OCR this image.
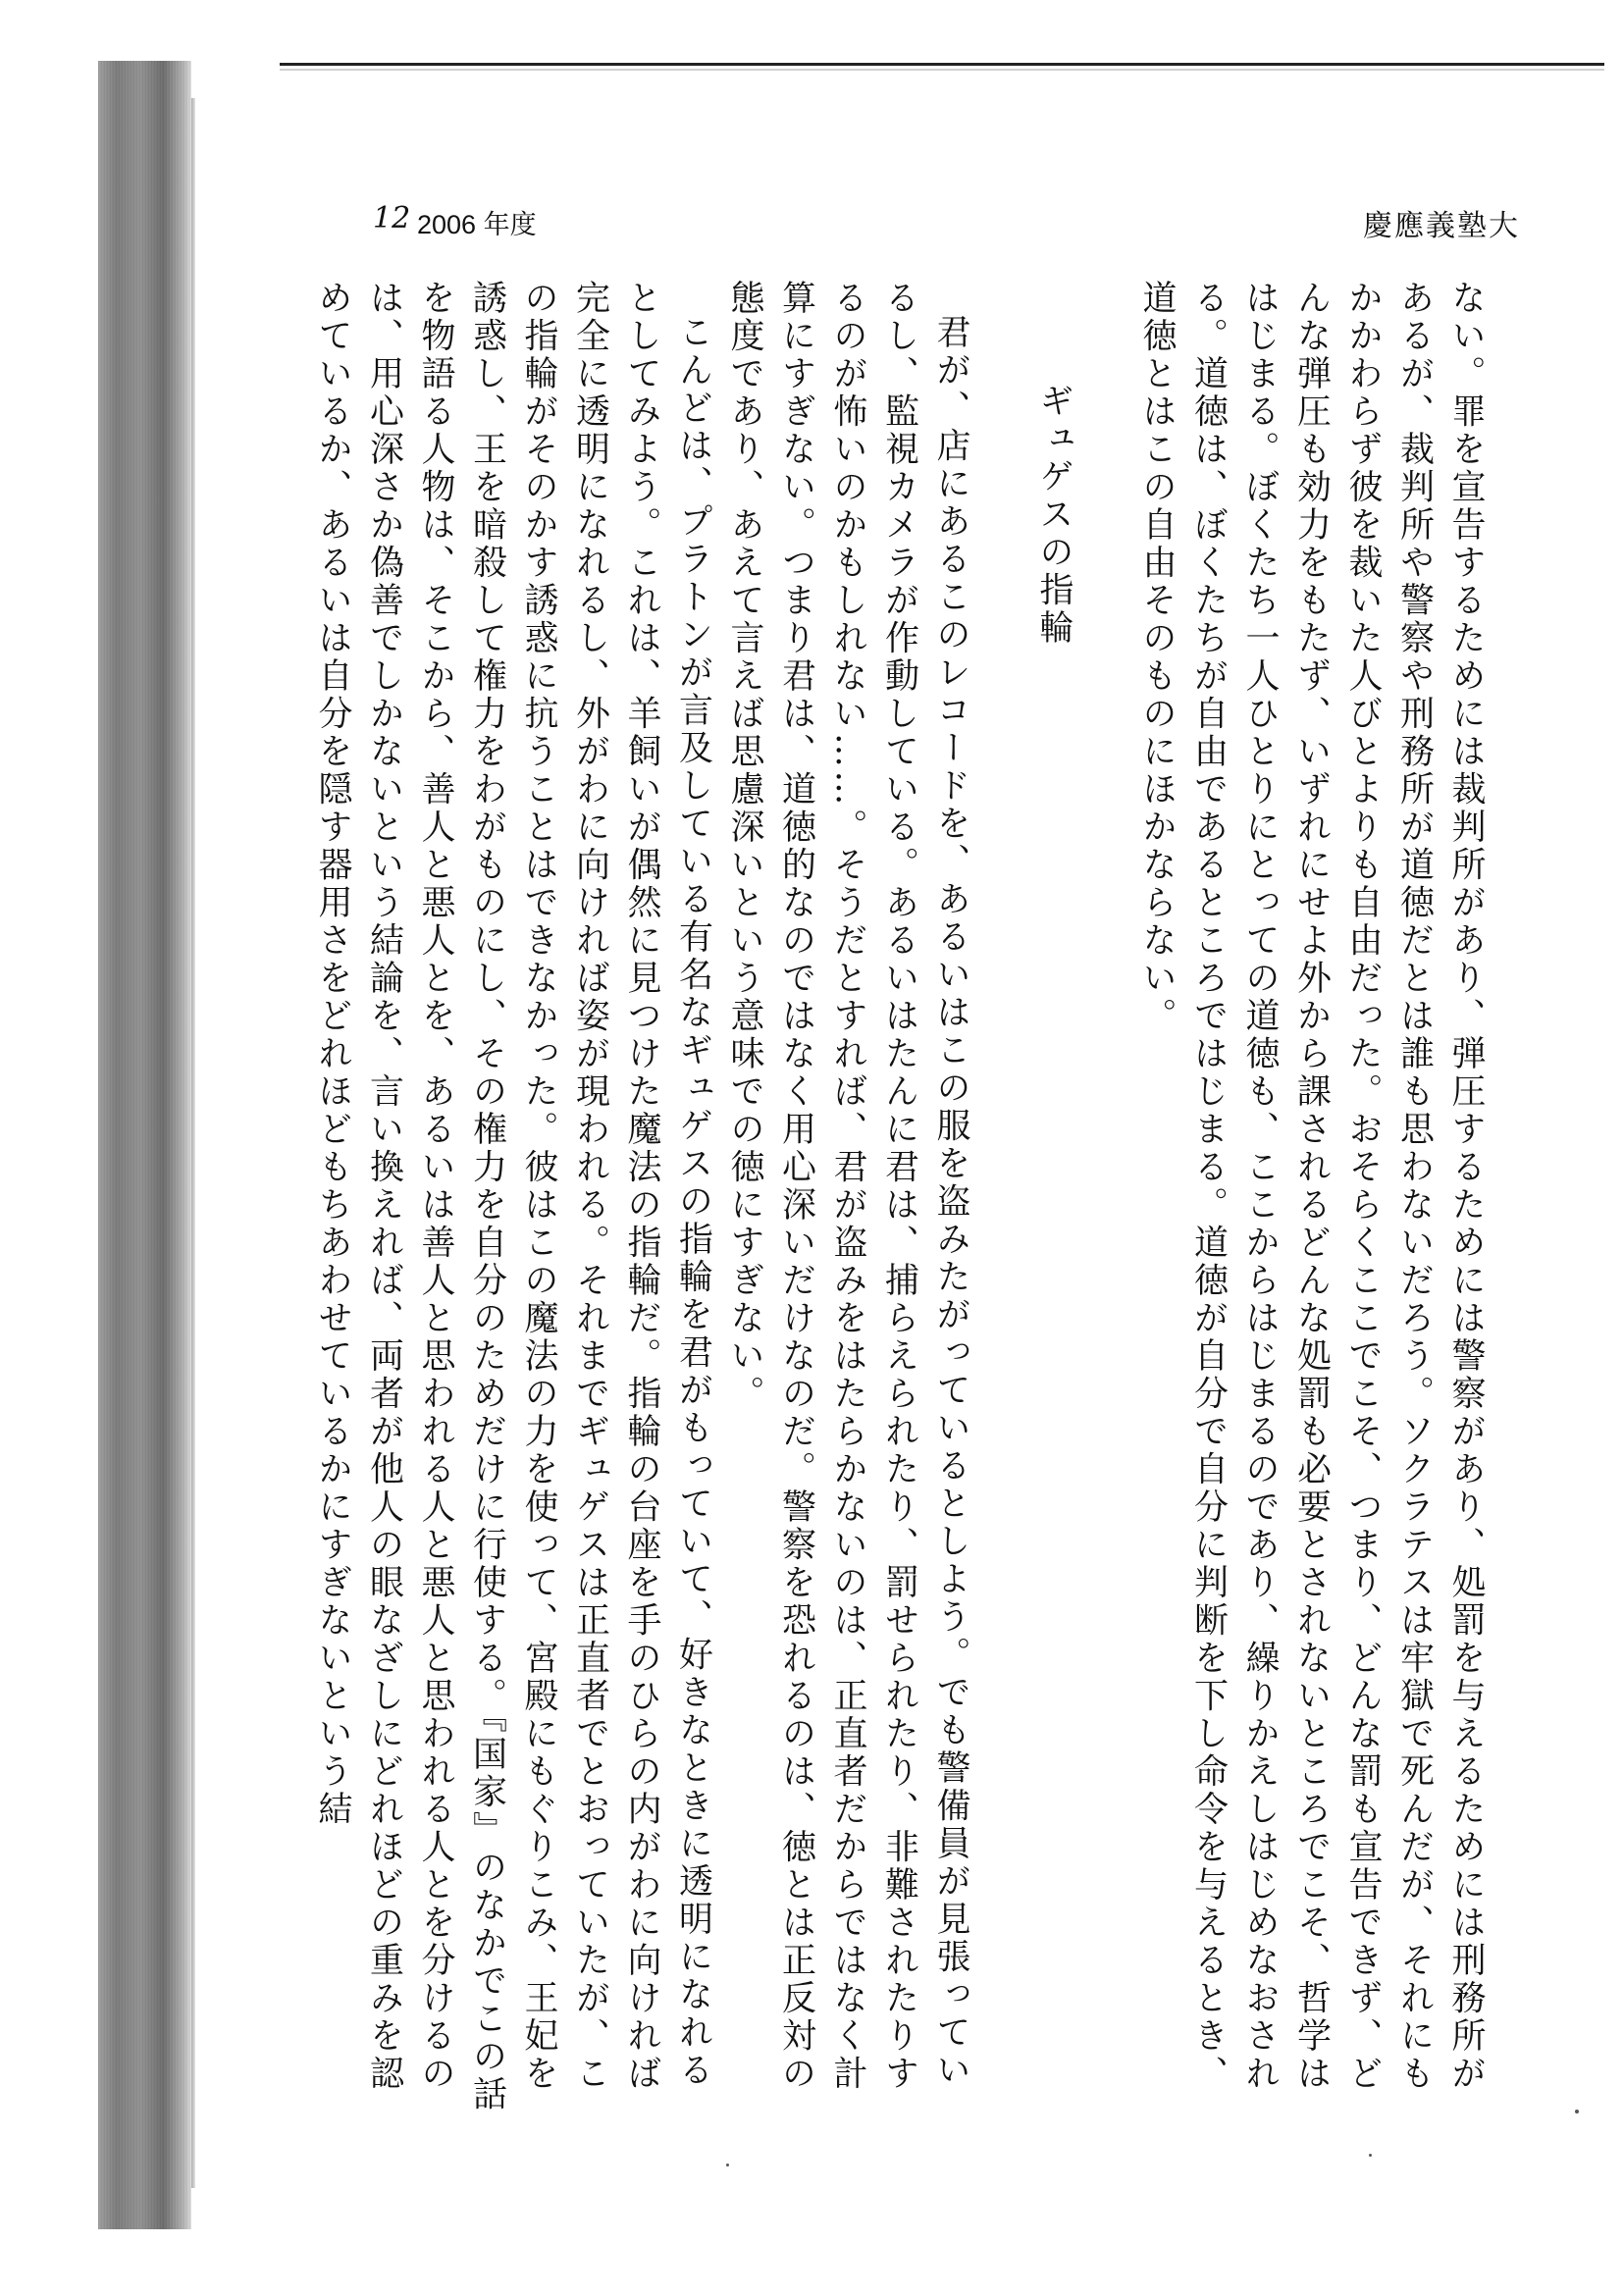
12 2006 年度	慶應義塾大

ない。罪を宣告するためには裁判所があり、弾圧するためには警察があり、処罰を与えるためには刑務所があるが、裁判所や警察や刑務所が道徳だとは誰も思わないだろう。ソクラテスは牢獄で死んだが、それにもかかわらず彼を裁いた人びとよりも自由だった。おそらくここでこそ、つまり、どんな罰も宣告できず、どんな弾圧も効力をもたず、いずれにせよ外から課されるどんな処罰も必要とされないところでこそ、哲学ははじまる。ぼくたち一人ひとりにとっての道徳も、ここからはじまるのであり、繰りかえしはじめなおされる。道徳は、ぼくたちが自由であるところではじまる。道徳が自分で自分に判断を下し命令を与えるとき、道徳とはこの自由そのものにほかならない。

ギュゲスの指輪

君が、店にあるこのレコードを、あるいはこの服を盗みたがっているとしよう。でも警備員が見張っているし、監視カメラが作動している。あるいはたんに君は、捕らえられたり、罰せられたり、非難されたりするのが怖いのかもしれない……。そうだとすれば、君が盗みをはたらかないのは、正直者だからではなく計算にすぎない。つまり君は、道徳的なのではなく用心深いだけなのだ。警察を恐れるのは、徳とは正反対の態度であり、あえて言えば思慮深いという意味での徳にすぎない。

こんどは、プラトンが言及している有名なギュゲスの指輪を君がもっていて、好きなときに透明になれるとしてみよう。これは、羊飼いが偶然に見つけた魔法の指輪だ。指輪の台座を手のひらの内がわに向ければ完全に透明になれるし、外がわに向ければ姿が現われる。それまでギュゲスは正直者でとおっていたが、この指輪がそのかす誘惑に抗うことはできなかった。彼はこの魔法の力を使って、宮殿にもぐりこみ、王妃を誘惑し、王を暗殺して権力をわがものにし、その権力を自分のためだけに行使する。『国家』のなかでこの話を物語る人物は、そこから、善人と悪人とを、あるいは善人と思われる人と悪人と思われる人とを分けるのは、用心深さか偽善でしかないという結論を、言い換えれば、両者が他人の眼なざしにどれほどの重みを認めているか、あるいは自分を隠す器用さをどれほどもちあわせているかにすぎないという結
